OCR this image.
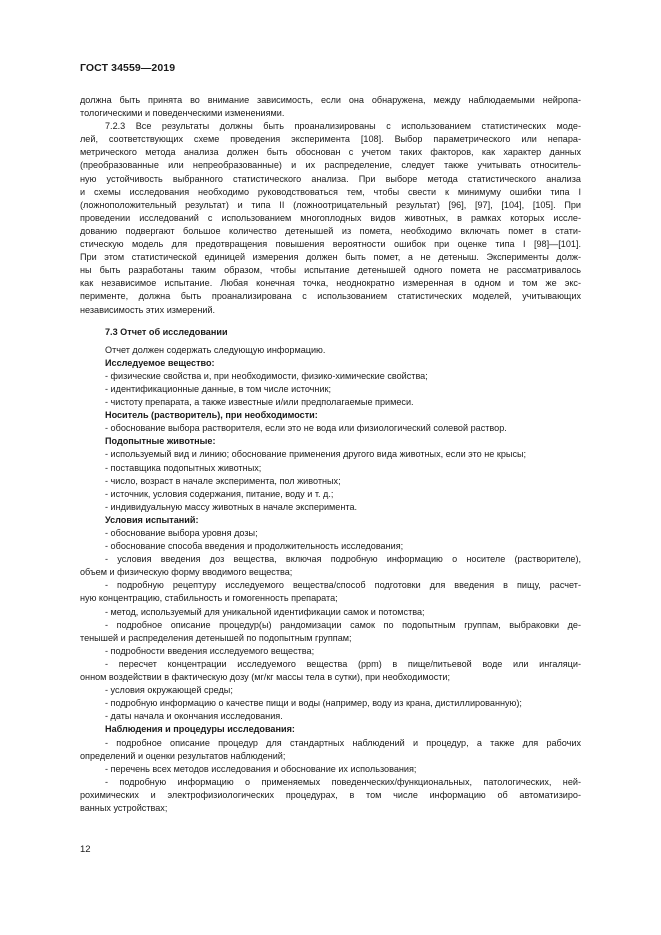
ГОСТ 34559—2019

должна быть принята во внимание зависимость, если она обнаружена, между наблюдаемыми нейропа-

тологическими и поведенческими изменениями.

7.2.3 Все результаты должны быть проанализированы с использованием статистических моде-

лей, соответствующих схеме проведения эксперимента [108]. Выбор параметрического или непара-

метрического метода анализа должен быть обоснован с учетом таких факторов, как характер данных

(преобразованные или непреобразованные) и их распределение, следует также учитывать относитель-

ную устойчивость выбранного статистического анализа. При выборе метода статистического анализа

и схемы исследования необходимо руководствоваться тем, чтобы свести к минимуму ошибки типа I

(ложноположительный результат) и типа II (ложноотрицательный результат) [96], [97], [104], [105]. При

проведении исследований с использованием многоплодных видов животных, в рамках которых иссле-

дованию подвергают большое количество детенышей из помета, необходимо включать помет в стати-

стическую модель для предотвращения повышения вероятности ошибок при оценке типа I [98]—[101].

При этом статистической единицей измерения должен быть помет, а не детеныш. Эксперименты долж-

ны быть разработаны таким образом, чтобы испытание детенышей одного помета не рассматривалось

как независимое испытание. Любая конечная точка, неоднократно измеренная в одном и том же экс-

перименте, должна быть проанализирована с использованием статистических моделей, учитывающих

независимость этих измерений.

7.3 Отчет об исследовании

Отчет должен содержать следующую информацию.

Исследуемое вещество:

- физические свойства и, при необходимости, физико-химические свойства;

- идентификационные данные, в том числе источник;

- чистоту препарата, а также известные и/или предполагаемые примеси.

Носитель (растворитель), при необходимости:

- обоснование выбора растворителя, если это не вода или физиологический солевой раствор.

Подопытные животные:

- используемый вид и линию; обоснование применения другого вида животных, если это не крысы;

- поставщика подопытных животных;

- число, возраст в начале эксперимента, пол животных;

- источник, условия содержания, питание, воду и т. д.;

- индивидуальную массу животных в начале эксперимента.

Условия испытаний:

- обоснование выбора уровня дозы;

- обоснование способа введения и продолжительность исследования;

- условия введения доз вещества, включая подробную информацию о носителе (растворителе),

объем и физическую форму вводимого вещества;

- подробную рецептуру исследуемого вещества/способ подготовки для введения в пищу, расчет-

ную концентрацию, стабильность и гомогенность препарата;

- метод, используемый для уникальной идентификации самок и потомства;

- подробное описание процедур(ы) рандомизации самок по подопытным группам, выбраковки де-

тенышей и распределения детенышей по подопытным группам;

- подробности введения исследуемого вещества;

- пересчет концентрации исследуемого вещества (ppm) в пище/питьевой воде или ингаляци-

онном воздействии в фактическую дозу (мг/кг массы тела в сутки), при необходимости;

- условия окружающей среды;

- подробную информацию о качестве пищи и воды (например, воду из крана, дистиллированную);

- даты начала и окончания исследования.

Наблюдения и процедуры исследования:

- подробное описание процедур для стандартных наблюдений и процедур, а также для рабочих

определений и оценки результатов наблюдений;

- перечень всех методов исследования и обоснование их использования;

- подробную информацию о применяемых поведенческих/функциональных, патологических, ней-

рохимических и электрофизиологических процедурах, в том числе информацию об автоматизиро-

ванных устройствах;

12
